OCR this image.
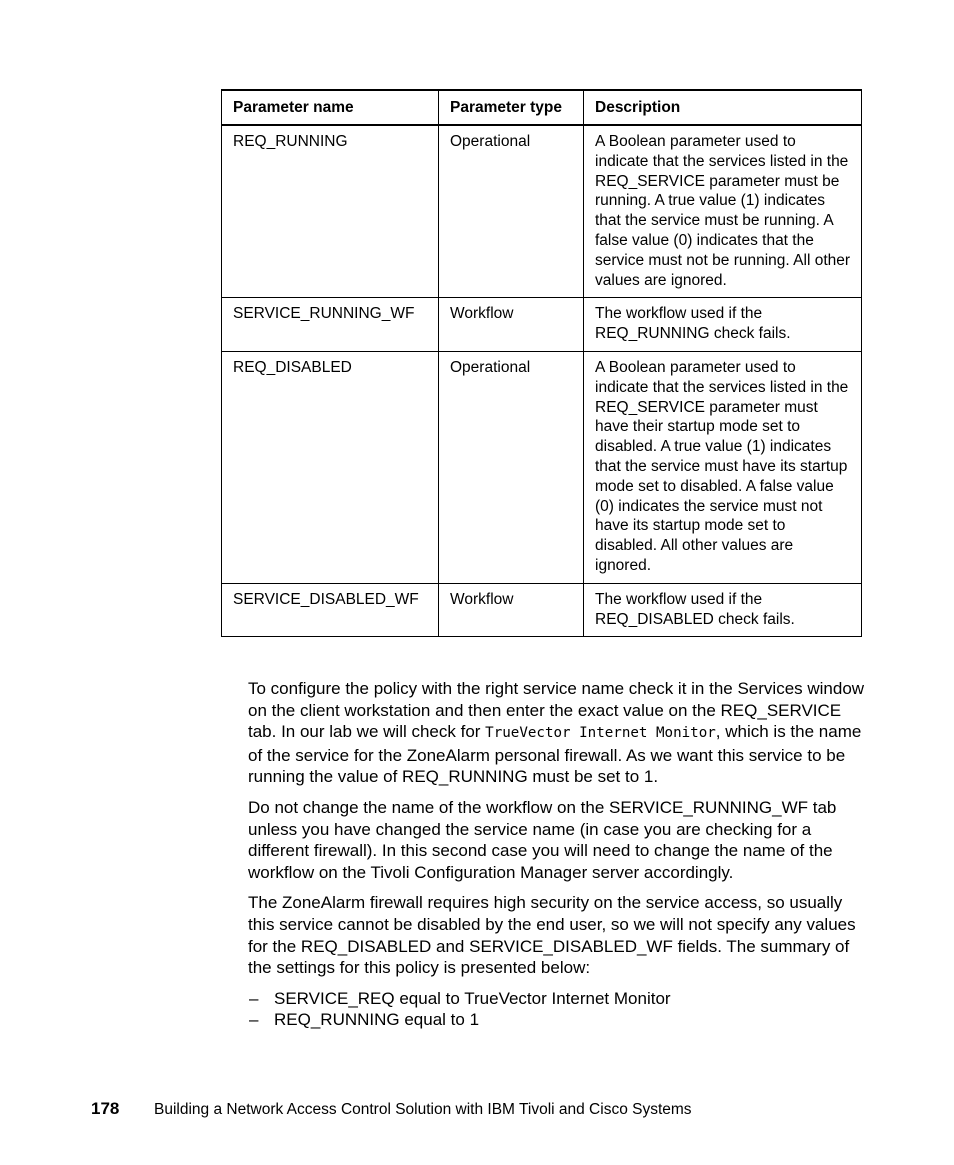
Parameter name	Parameter type	Description
REQ_RUNNING	Operational	A Boolean parameter used to indicate that the services listed in the REQ_SERVICE parameter must be running. A true value (1) indicates that the service must be running. A false value (0) indicates that the service must not be running. All other values are ignored.
SERVICE_RUNNING_WF	Workflow	The workflow used if the REQ_RUNNING check fails.
REQ_DISABLED	Operational	A Boolean parameter used to indicate that the services listed in the REQ_SERVICE parameter must have their startup mode set to disabled. A true value (1) indicates that the service must have its startup mode set to disabled. A false value (0) indicates the service must not have its startup mode set to disabled. All other values are ignored.
SERVICE_DISABLED_WF	Workflow	The workflow used if the REQ_DISABLED check fails.

To configure the policy with the right service name check it in the Services window on the client workstation and then enter the exact value on the REQ_SERVICE tab. In our lab we will check for TrueVector Internet Monitor, which is the name of the service for the ZoneAlarm personal firewall. As we want this service to be running the value of REQ_RUNNING must be set to 1.

Do not change the name of the workflow on the SERVICE_RUNNING_WF tab unless you have changed the service name (in case you are checking for a different firewall). In this second case you will need to change the name of the workflow on the Tivoli Configuration Manager server accordingly.

The ZoneAlarm firewall requires high security on the service access, so usually this service cannot be disabled by the end user, so we will not specify any values for the REQ_DISABLED and SERVICE_DISABLED_WF fields. The summary of the settings for this policy is presented below:

– SERVICE_REQ equal to TrueVector Internet Monitor
– REQ_RUNNING equal to 1
178 Building a Network Access Control Solution with IBM Tivoli and Cisco Systems
